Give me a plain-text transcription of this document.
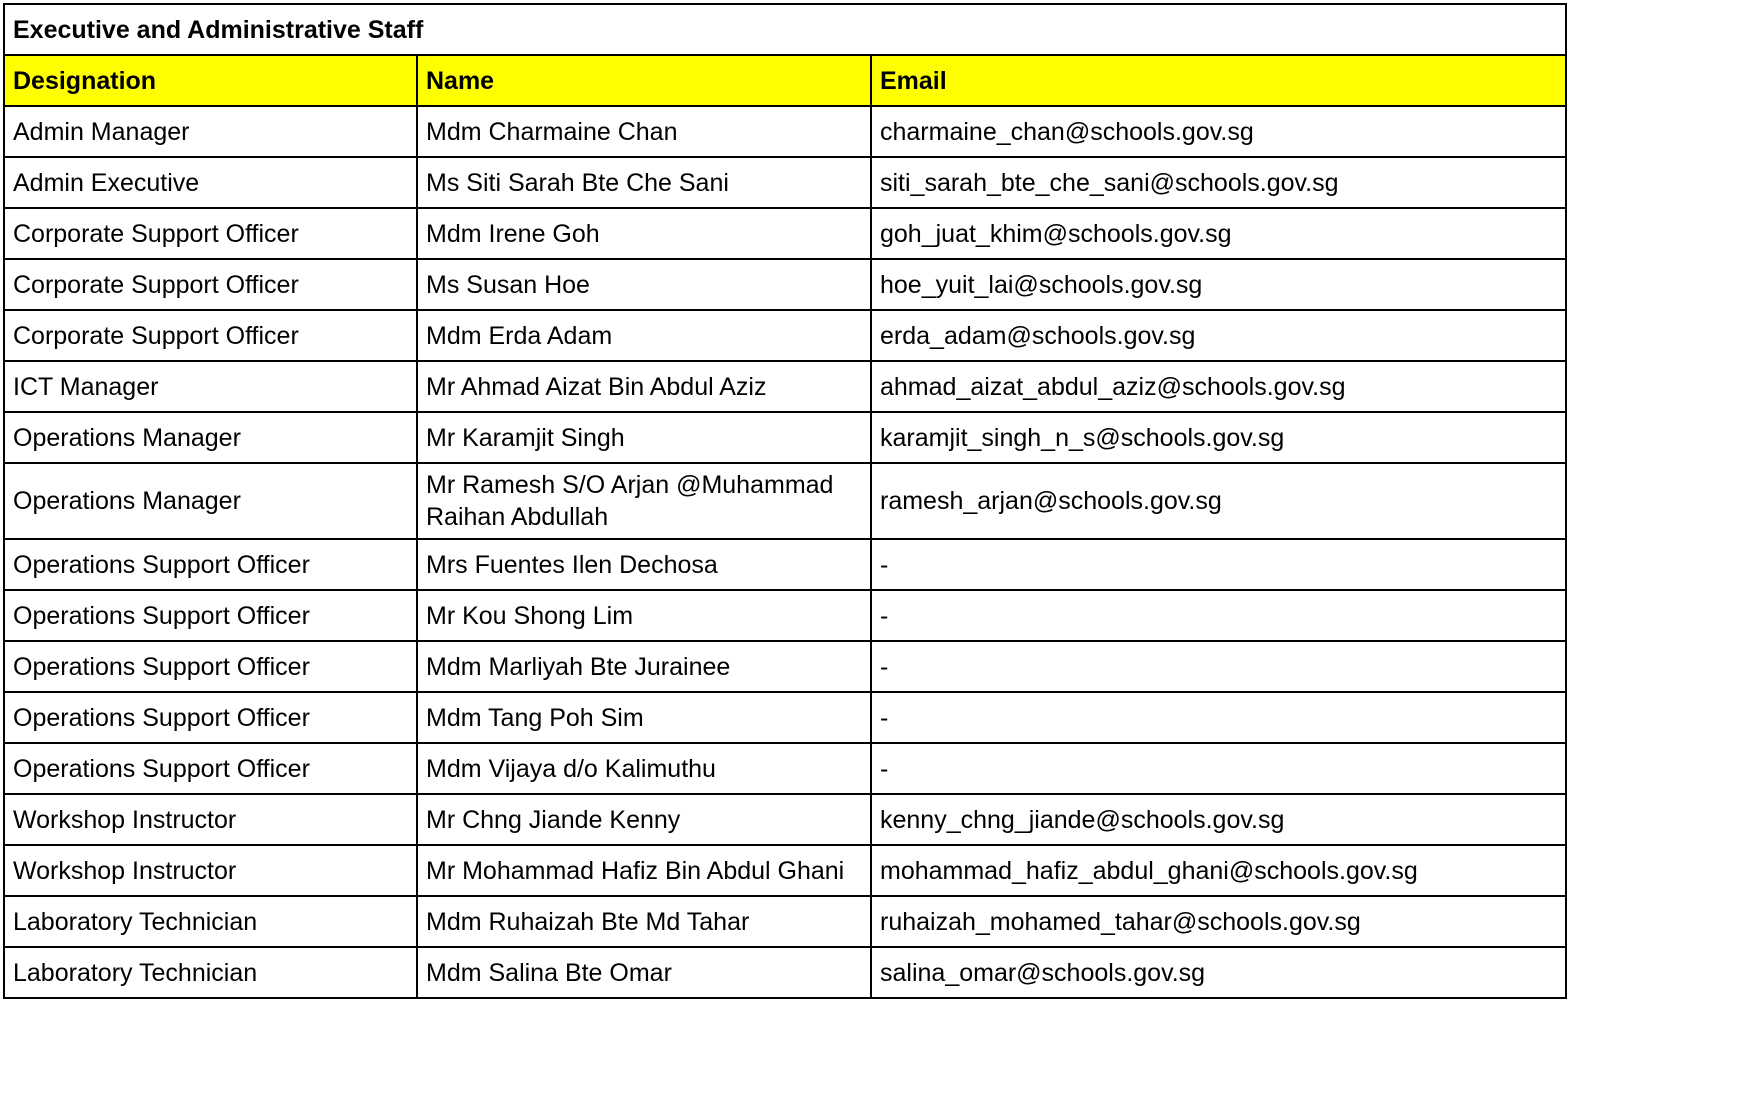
Executive and Administrative Staff		
Designation	Name	Email
Admin Manager	Mdm Charmaine Chan	charmaine_chan@schools.gov.sg
Admin Executive	Ms Siti Sarah Bte Che Sani	siti_sarah_bte_che_sani@schools.gov.sg
Corporate Support Officer	Mdm Irene Goh	goh_juat_khim@schools.gov.sg
Corporate Support Officer	Ms Susan Hoe	hoe_yuit_lai@schools.gov.sg
Corporate Support Officer	Mdm Erda Adam	erda_adam@schools.gov.sg
ICT Manager	Mr Ahmad Aizat Bin Abdul Aziz	ahmad_aizat_abdul_aziz@schools.gov.sg
Operations Manager	Mr Karamjit Singh	karamjit_singh_n_s@schools.gov.sg
Operations Manager	Mr Ramesh S/O Arjan @Muhammad Raihan Abdullah	ramesh_arjan@schools.gov.sg
Operations Support Officer	Mrs Fuentes Ilen Dechosa	-
Operations Support Officer	Mr Kou Shong Lim	-
Operations Support Officer	Mdm Marliyah Bte Jurainee	-
Operations Support Officer	Mdm Tang Poh Sim	-
Operations Support Officer	Mdm Vijaya d/o Kalimuthu	-
Workshop Instructor	Mr Chng Jiande Kenny	kenny_chng_jiande@schools.gov.sg
Workshop Instructor	Mr Mohammad Hafiz Bin Abdul Ghani	mohammad_hafiz_abdul_ghani@schools.gov.sg
Laboratory Technician	Mdm Ruhaizah Bte Md Tahar	ruhaizah_mohamed_tahar@schools.gov.sg
Laboratory Technician	Mdm Salina Bte Omar	salina_omar@schools.gov.sg
